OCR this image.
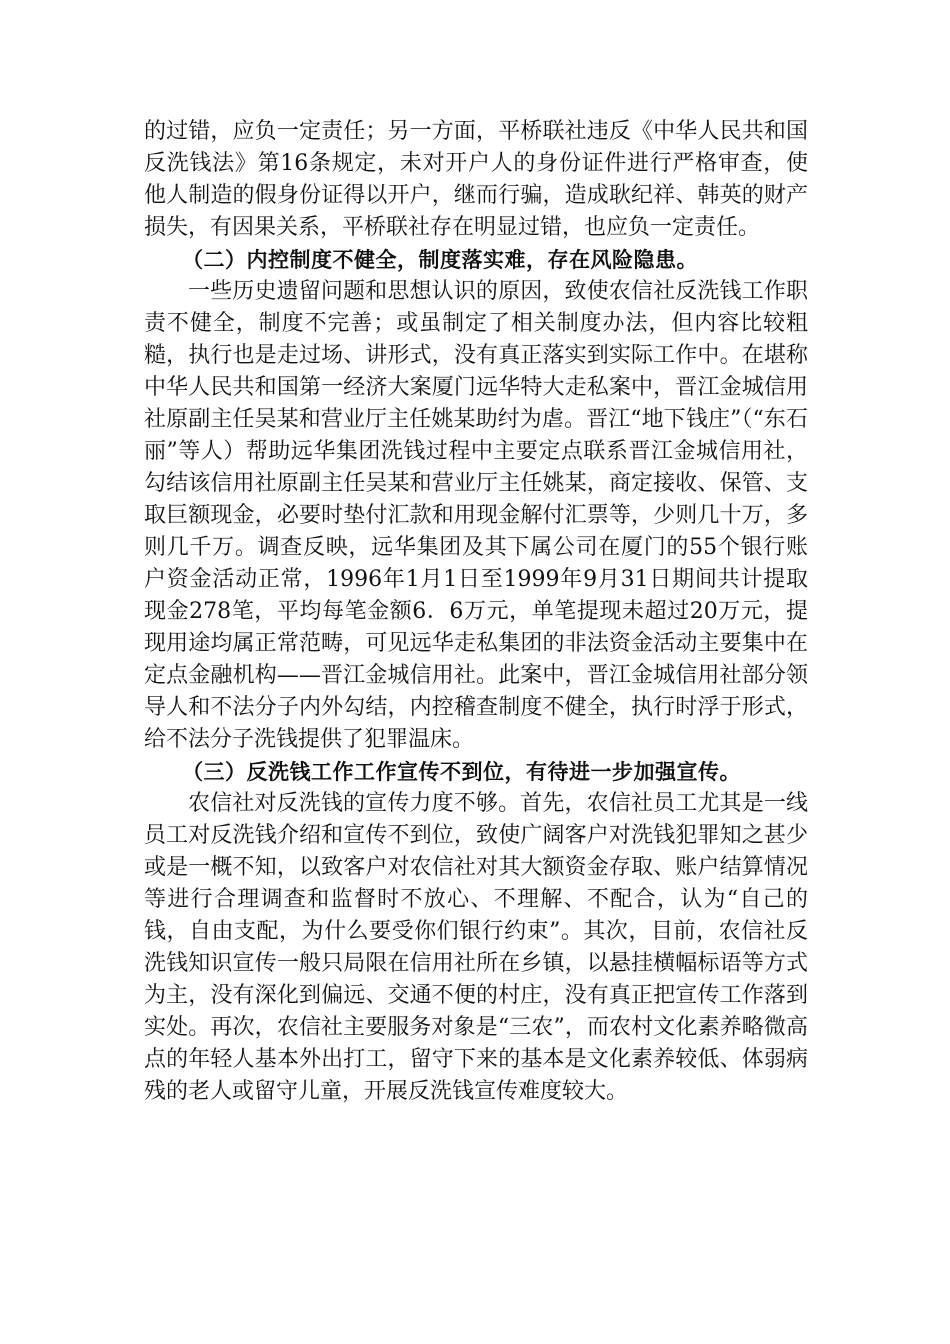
的过错，应负一定责任；另一方面，平桥联社违反《中华人民共和国反洗钱法》第16条规定，未对开户人的身份证件进行严格审查，使他人制造的假身份证得以开户，继而行骗，造成耿纪祥、韩英的财产损失，有因果关系，平桥联社存在明显过错，也应负一定责任。

（二）内控制度不健全，制度落实难，存在风险隐患。

一些历史遗留问题和思想认识的原因，致使农信社反洗钱工作职责不健全，制度不完善；或虽制定了相关制度办法，但内容比较粗糙，执行也是走过场、讲形式，没有真正落实到实际工作中。在堪称中华人民共和国第一经济大案厦门远华特大走私案中，晋江金城信用社原副主任吴某和营业厅主任姚某助纣为虐。晋江“地下钱庄”（“东石丽”等人）帮助远华集团洗钱过程中主要定点联系晋江金城信用社，勾结该信用社原副主任吴某和营业厅主任姚某，商定接收、保管、支取巨额现金，必要时垫付汇款和用现金解付汇票等，少则几十万，多则几千万。调查反映，远华集团及其下属公司在厦门的55个银行账户资金活动正常，1996年1月1日至1999年9月31日期间共计提取现金278笔，平均每笔金额6．6万元，单笔提现未超过20万元，提现用途均属正常范畴，可见远华走私集团的非法资金活动主要集中在定点金融机构——晋江金城信用社。此案中，晋江金城信用社部分领导人和不法分子内外勾结，内控稽查制度不健全，执行时浮于形式，给不法分子洗钱提供了犯罪温床。

（三）反洗钱工作工作宣传不到位，有待进一步加强宣传。

农信社对反洗钱的宣传力度不够。首先，农信社员工尤其是一线员工对反洗钱介绍和宣传不到位，致使广阔客户对洗钱犯罪知之甚少或是一概不知，以致客户对农信社对其大额资金存取、账户结算情况等进行合理调查和监督时不放心、不理解、不配合，认为“自己的钱，自由支配，为什么要受你们银行约束”。其次，目前，农信社反洗钱知识宣传一般只局限在信用社所在乡镇，以悬挂横幅标语等方式为主，没有深化到偏远、交通不便的村庄，没有真正把宣传工作落到实处。再次，农信社主要服务对象是“三农”，而农村文化素养略微高点的年轻人基本外出打工，留守下来的基本是文化素养较低、体弱病残的老人或留守儿童，开展反洗钱宣传难度较大。
